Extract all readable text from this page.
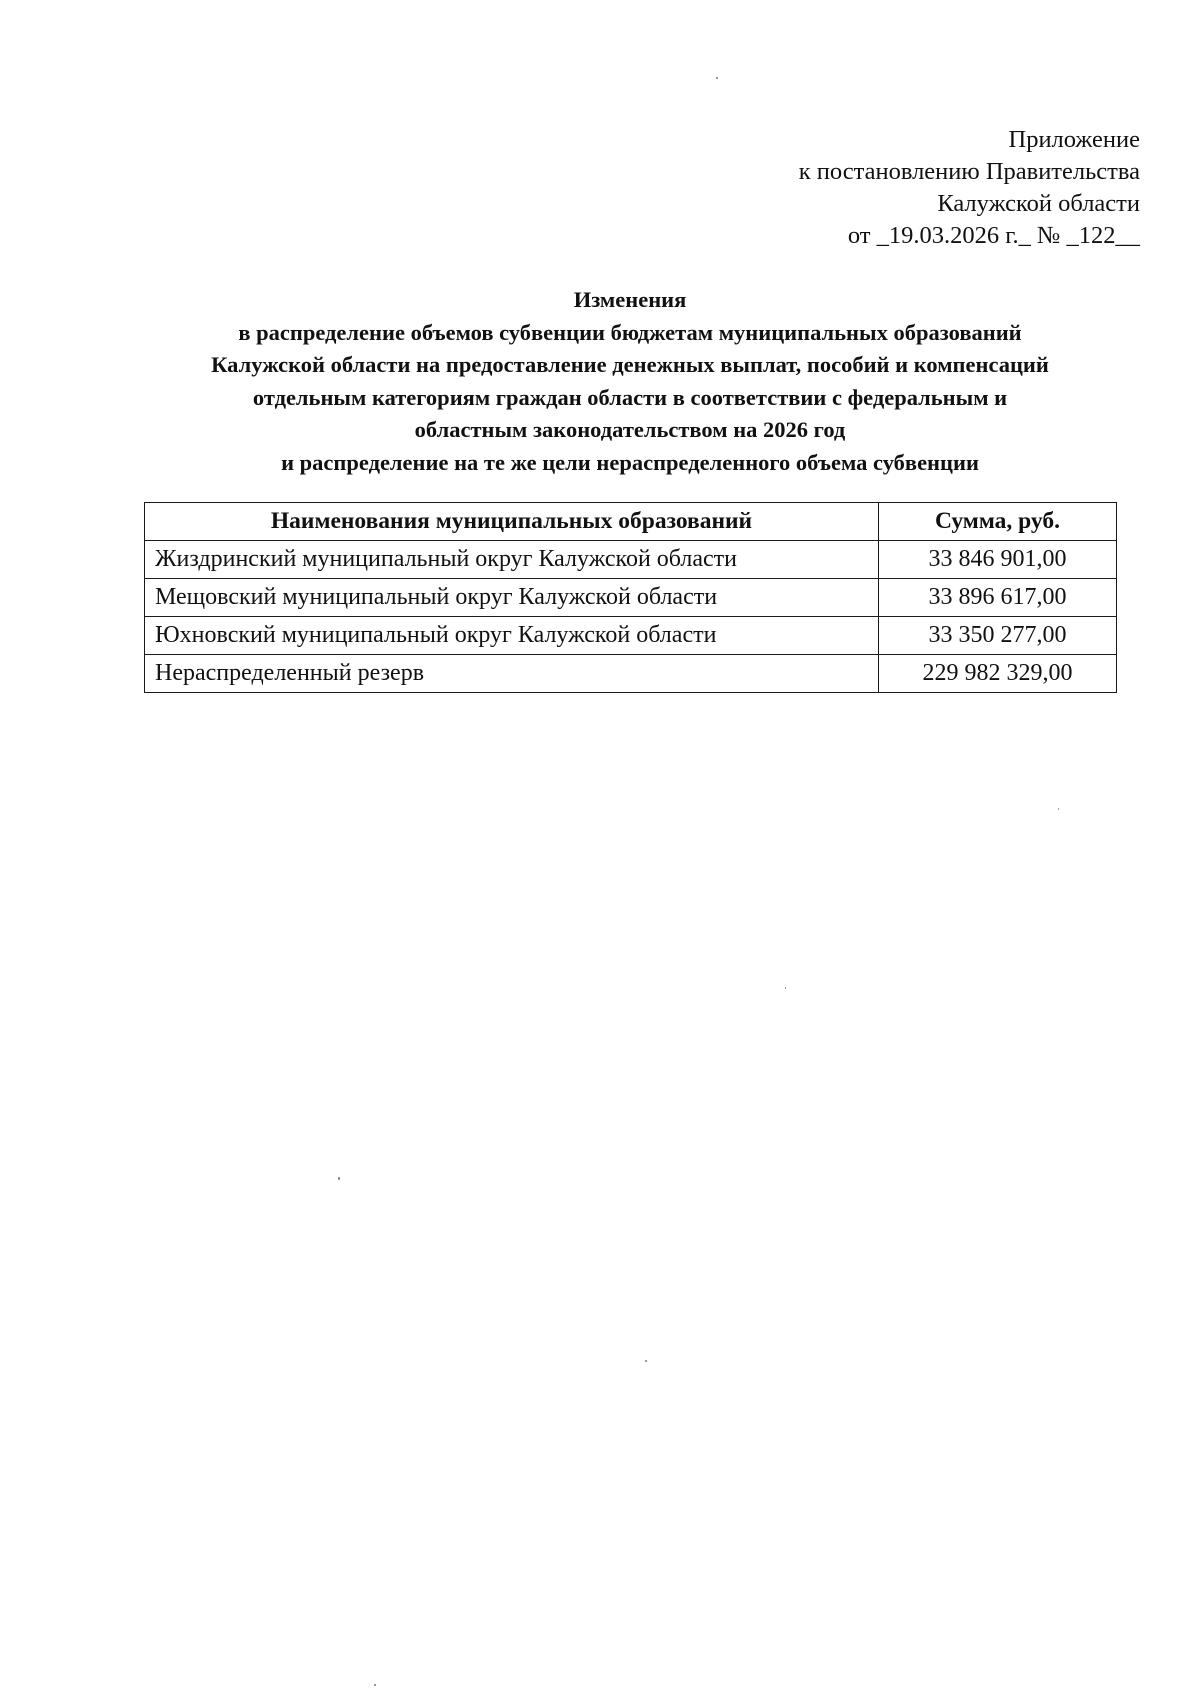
Приложение
к постановлению Правительства
Калужской области
от _19.03.2026 г._ № _122__
Изменения
в распределение объемов субвенции бюджетам муниципальных образований
Калужской области на предоставление денежных выплат, пособий и компенсаций
отдельным категориям граждан области в соответствии с федеральным и
областным законодательством на 2026 год
и распределение на те же цели нераспределенного объема субвенции
Наименования муниципальных образований	Сумма, руб.
Жиздринский муниципальный округ Калужской области	33 846 901,00
Мещовский муниципальный округ Калужской области	33 896 617,00
Юхновский муниципальный округ Калужской области	33 350 277,00
Нераспределенный резерв	229 982 329,00
